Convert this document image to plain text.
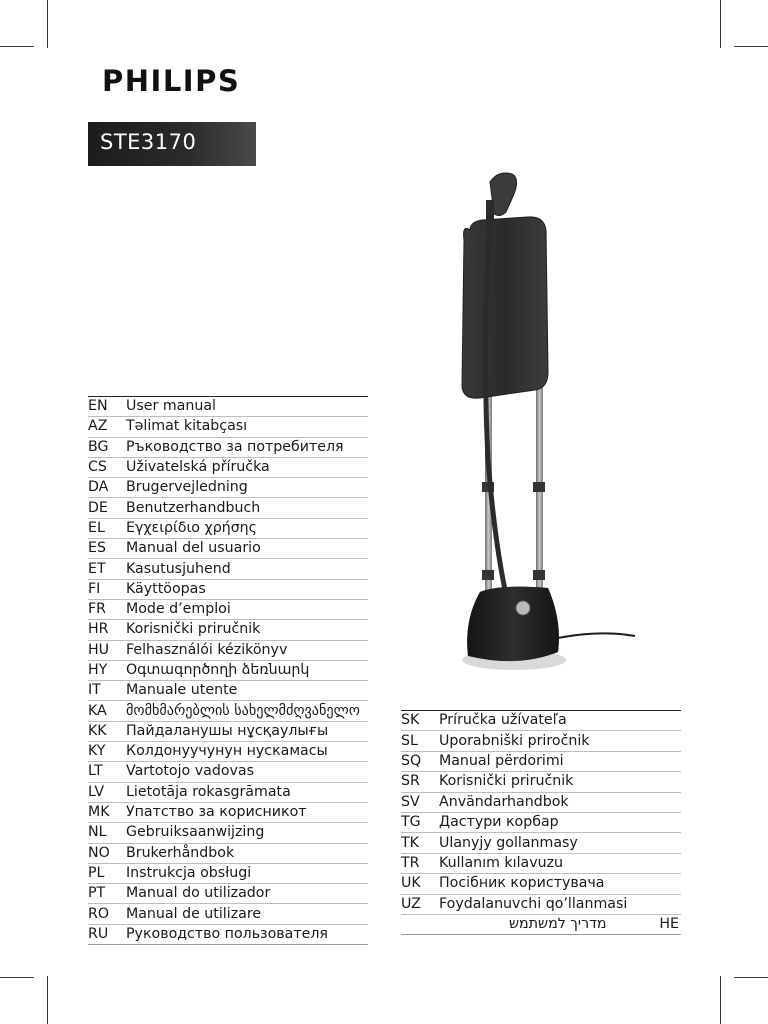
PHILIPS
STE3170
EN	User manual
AZ	Təlimat kitabçası
BG	Ръководство за потребителя
CS	Uživatelská příručka
DA	Brugervejledning
DE	Benutzerhandbuch
EL	Εγχειρίδιο χρήσης
ES	Manual del usuario
ET	Kasutusjuhend
FI	Käyttöopas
FR	Mode d’emploi
HR	Korisnički priručnik
HU	Felhasználói kézikönyv
HY	Օգտագործողի ձեռնարկ
IT	Manuale utente
KA	მომხმარებლის სახელმძღვანელო
KK	Пайдаланушы нұсқаулығы
KY	Колдонуучунун нускамасы
LT	Vartotojo vadovas
LV	Lietotāja rokasgrāmata
MK	Упатство за корисникот
NL	Gebruiksaanwijzing
NO	Brukerhåndbok
PL	Instrukcja obsługi
PT	Manual do utilizador
RO	Manual de utilizare
RU	Руководство пользователя
SK	Príručka užívateľa
SL	Uporabniški priročnik
SQ	Manual përdorimi
SR	Korisnički priručnik
SV	Användarhandbok
TG	Дастури корбар
TK	Ulanyjy gollanmasy
TR	Kullanım kılavuzu
UK	Посібник користувача
UZ	Foydalanuvchi qo’llanmasi
מדריך למשתמש	HE
